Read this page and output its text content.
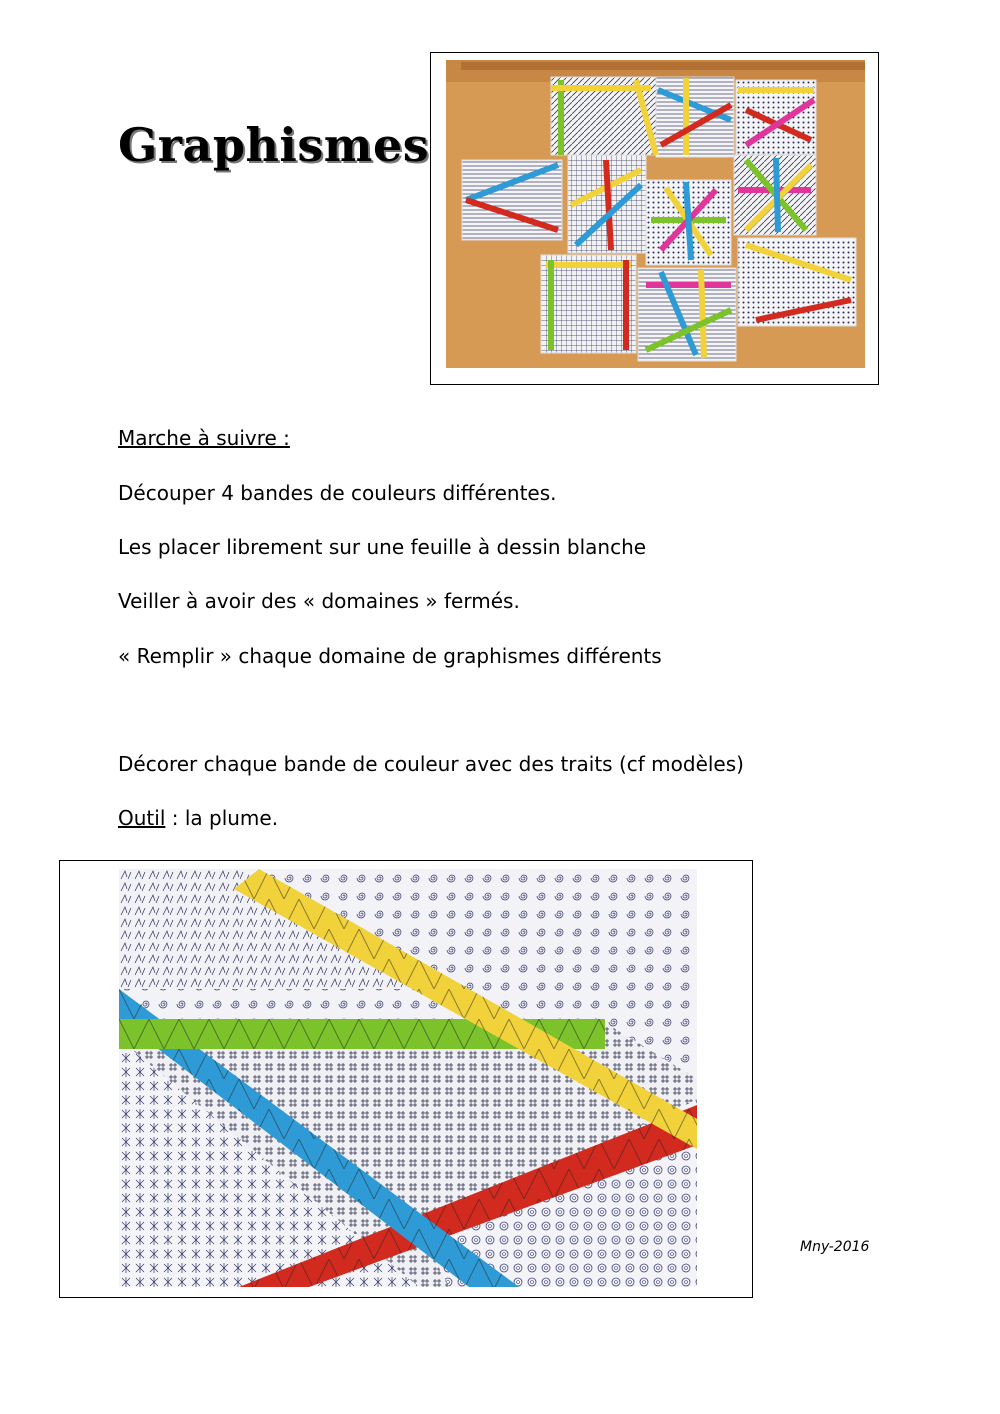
Graphismes
Marche à suivre :
Découper 4 bandes de couleurs différentes.
Les placer librement sur une feuille à dessin blanche
Veiller à avoir des « domaines » fermés.
« Remplir » chaque domaine de graphismes différents
Décorer chaque bande de couleur avec des traits (cf modèles)
Outil : la plume.
Mny-2016
